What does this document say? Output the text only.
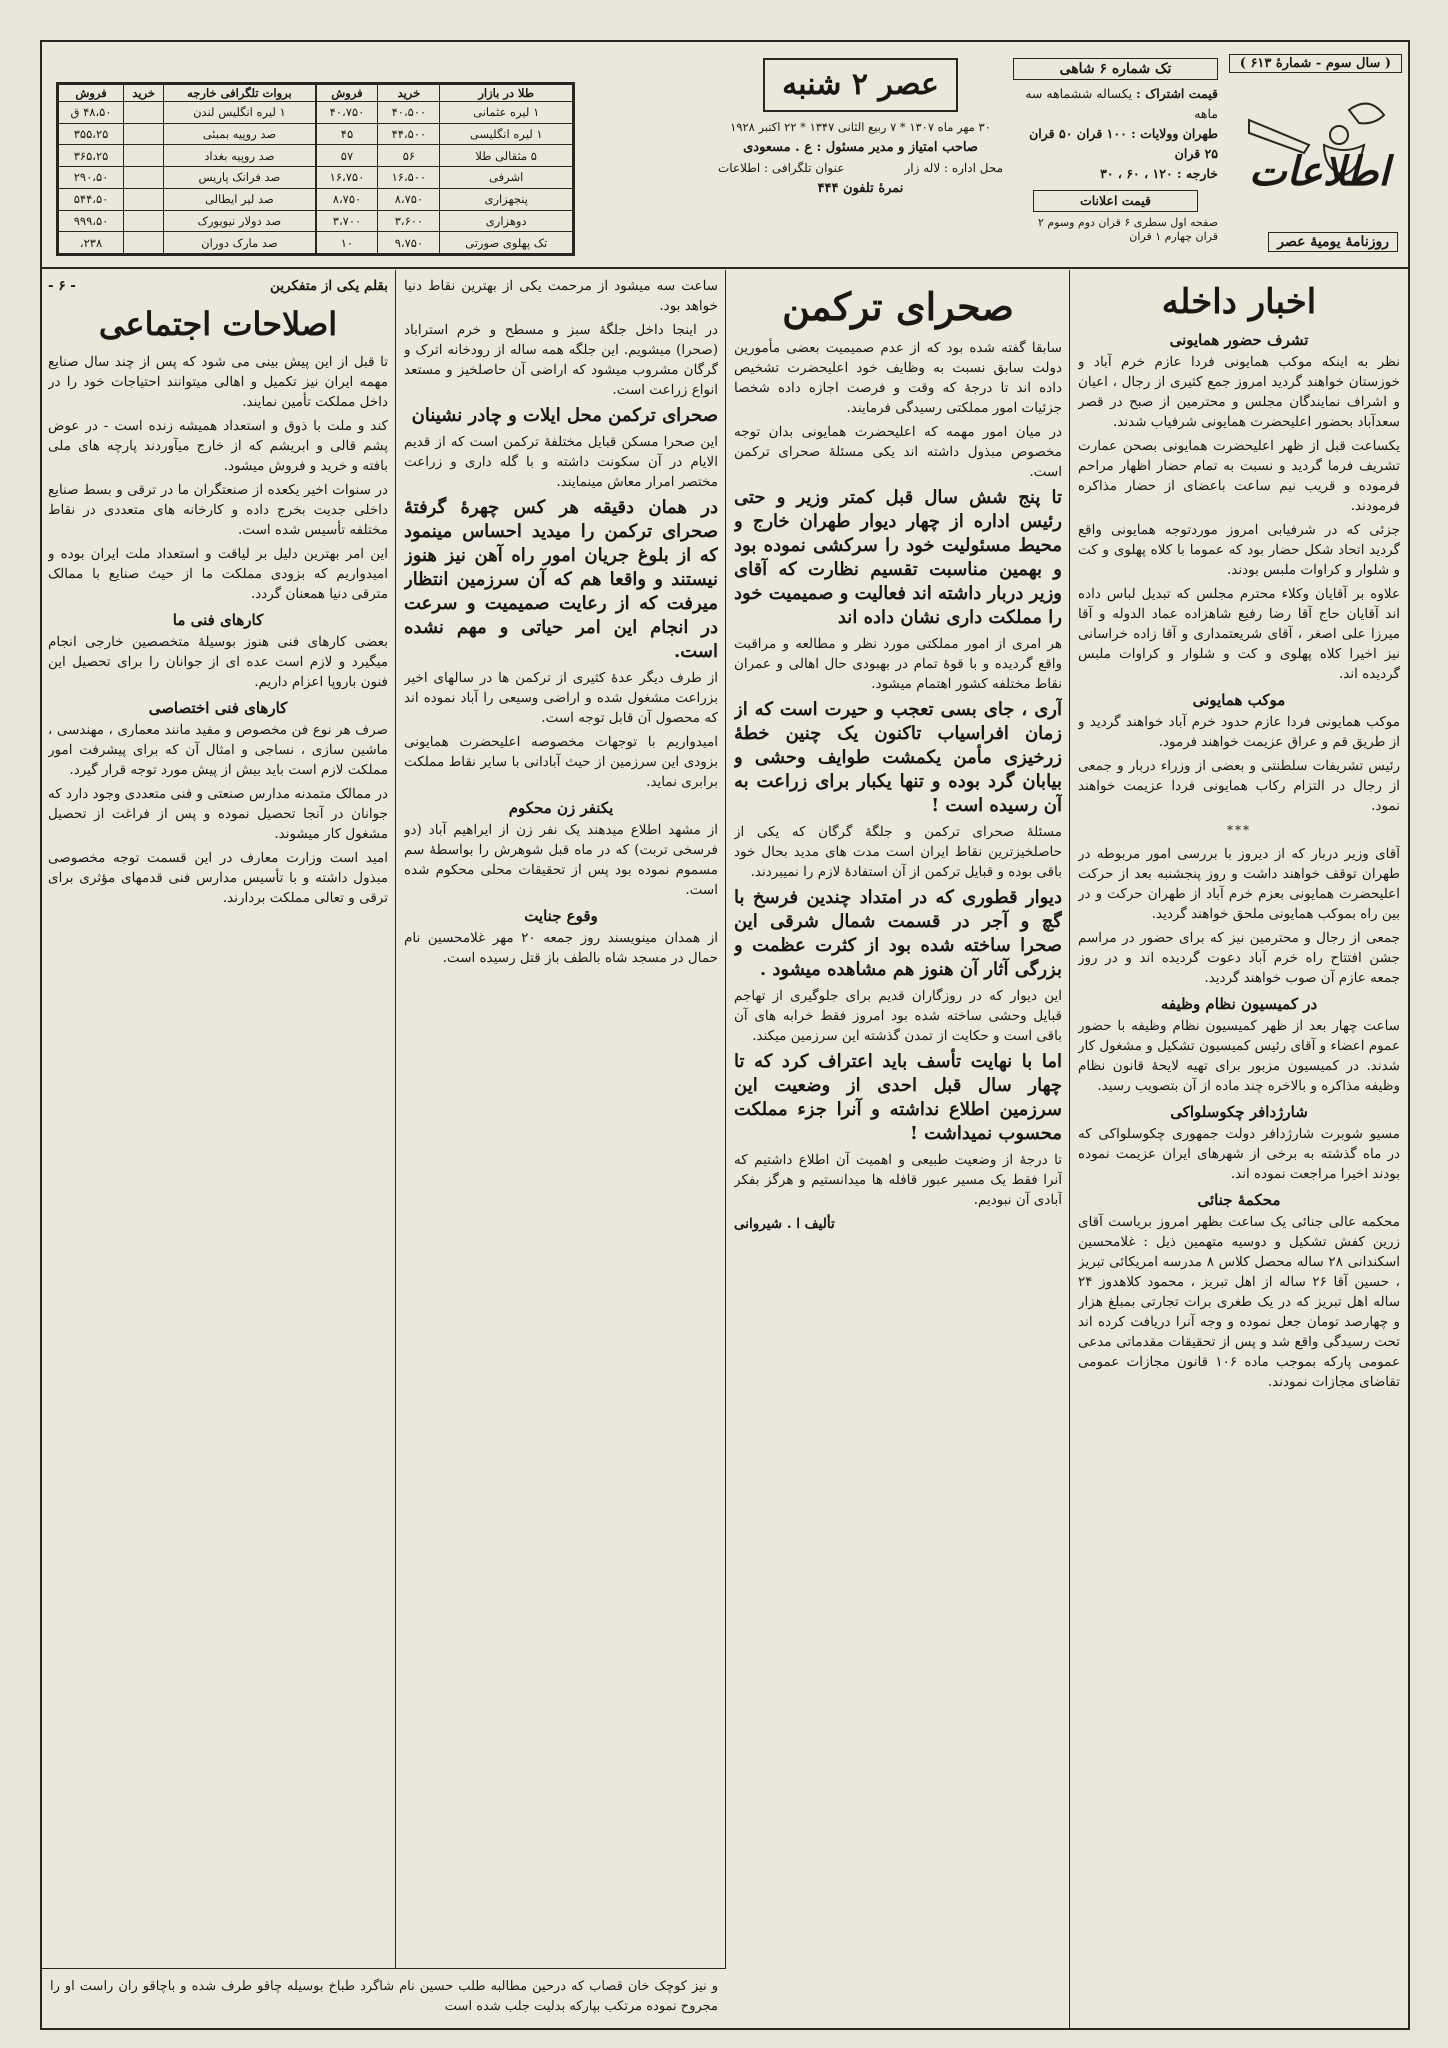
( سال سوم - شمارهٔ ۶۱۳ )
اطلاعات
روزنامهٔ یومیهٔ عصر
تک شماره ۶ شاهی
قیمت اشتراک : یکساله ششماهه سه ماهه
طهران وولایات : ۱۰۰ قران ۵۰ قران ۲۵ قران
خارجه : ۱۲۰ ، ۶۰ ، ۳۰
قیمت اعلانات
صفحه اول سطری ۶ قران دوم وسوم ۲ قران چهارم ۱ قران
عصر ۲ شنبه
۳۰ مهر ماه ۱۳۰۷ * ۷ ربیع الثانی ۱۳۴۷ * ۲۲ اکتبر ۱۹۲۸
صاحب امتیاز و مدیر مسئول : ع . مسعودی
محل اداره : لاله زار
عنوان تلگرافی : اطلاعات
نمرهٔ تلفون ۴۴۴
طلا در بازار	خرید	فروش
۱ لیره عثمانی	۴۰،۵۰۰	۴۰،۷۵۰
۱ لیره انگلیسی	۴۴،۵۰۰	۴۵
۵ مثقالی طلا	۵۶	۵۷
اشرفی	۱۶،۵۰۰	۱۶،۷۵۰
پنجهزاری	۸،۷۵۰	۸،۷۵۰
دوهزاری	۳،۶۰۰	۳،۷۰۰
تک پهلوی صورتی	۹،۷۵۰	۱۰
بروات تلگرافی خارجه	خرید	فروش
۱ لیره انگلیس لندن		۴۸،۵۰ ق
صد روپیه بمبئی		۳۵۵،۲۵
صد روپیه بغداد		۳۶۵،۲۵
صد فرانک پاریس		۲۹۰،۵۰
صد لیر ایطالی		۵۴۴،۵۰
صد دولار نیویورک		۹۹۹،۵۰
صد مارک دوران		۲۳۸،
اخبار داخله
تشرف حضور همایونی

نظر به اینکه موکب همایونی فردا عازم خرم آباد و خوزستان خواهند گردید امروز جمع کثیری از رجال ، اعیان و اشراف نمایندگان مجلس و محترمین از صبح در قصر سعدآباد بحضور اعلیحضرت همایونی شرفیاب شدند.

یکساعت قبل از ظهر اعلیحضرت همایونی بصحن عمارت تشریف فرما گردید و نسبت به تمام حضار اظهار مراحم فرموده و قریب نیم ساعت باعضای از حضار مذاکره فرمودند.

جزئی که در شرفیابی امروز موردتوجه همایونی واقع گردید اتحاد شکل حضار بود که عموما با کلاه پهلوی و کت و شلوار و کراوات ملبس بودند.

علاوه بر آقایان وکلاء محترم مجلس که تبدیل لباس داده اند آقایان حاج آقا رضا رفیع شاهزاده عماد الدوله و آقا میرزا علی اصغر ، آقای شریعتمداری و آقا زاده خراسانی نیز اخیرا کلاه پهلوی و کت و شلوار و کراوات ملبس گردیده اند.

موکب همایونی

موکب همایونی فردا عازم حدود خرم آباد خواهند گردید و از طریق قم و عراق عزیمت خواهند فرمود.

رئیس تشریفات سلطنتی و بعضی از وزراء دربار و جمعی از رجال در التزام رکاب همایونی فردا عزیمت خواهند نمود.

***

آقای وزیر دربار که از دیروز با بررسی امور مربوطه در طهران توقف خواهند داشت و روز پنجشنبه بعد از حرکت اعلیحضرت همایونی بعزم خرم آباد از طهران حرکت و در بین راه بموکب همایونی ملحق خواهند گردید.

جمعی از رجال و محترمین نیز که برای حضور در مراسم جشن افتتاح راه خرم آباد دعوت گردیده اند و در روز جمعه عازم آن صوب خواهند گردید.

در کمیسیون نظام وظیفه

ساعت چهار بعد از ظهر کمیسیون نظام وظیفه با حضور عموم اعضاء و آقای رئیس کمیسیون تشکیل و مشغول کار شدند. در کمیسیون مزبور برای تهیه لایحهٔ قانون نظام وظیفه مذاکره و بالاخره چند ماده از آن بتصویب رسید.

شارژدافر چکوسلواکی

مسیو شوبرت شارژدافر دولت جمهوری چکوسلواکی که در ماه گذشته به برخی از شهرهای ایران عزیمت نموده بودند اخیرا مراجعت نموده اند.

محکمهٔ جنائی

محکمه عالی جنائی یک ساعت بظهر امروز بریاست آقای زرین کفش تشکیل و دوسیه متهمین ذیل : غلامحسین اسکندانی ۲۸ ساله محصل کلاس ۸ مدرسه امریکائی تبریز ، حسین آقا ۲۶ ساله از اهل تبریز ، محمود کلاهدوز ۲۴ ساله اهل تبریز که در یک طغری برات تجارتی بمبلغ هزار و چهارصد تومان جعل نموده و وجه آنرا دریافت کرده اند تحت رسیدگی واقع شد و پس از تحقیقات مقدماتی مدعی عمومی پارکه بموجب ماده ۱۰۶ قانون مجازات عمومی تقاضای مجازات نمودند.

صحرای ترکمن

سابقا گفته شده بود که از عدم صمیمیت بعضی مأمورین دولت سابق نسبت به وظایف خود اعلیحضرت تشخیص داده اند تا درجهٔ که وقت و فرصت اجازه داده شخصا جزئیات امور مملکتی رسیدگی فرمایند.

در میان امور مهمه که اعلیحضرت همایونی بدان توجه مخصوص مبذول داشته اند یکی مسئلهٔ صحرای ترکمن است.

تا پنج شش سال قبل کمتر وزیر و حتی رئیس اداره از چهار دیوار طهران خارج و محیط مسئولیت خود را سرکشی نموده بود و بهمین مناسبت تقسیم نظارت که آقای وزیر دربار داشته اند فعالیت و صمیمیت خود را مملکت داری نشان داده اند

هر امری از امور مملکتی مورد نظر و مطالعه و مراقبت واقع گردیده و با قوهٔ تمام در بهبودی حال اهالی و عمران نقاط مختلفه کشور اهتمام میشود.

آری ، جای بسی تعجب و حیرت است که از زمان افراسیاب تاکنون یک چنین خطهٔ زرخیزی مأمن یکمشت طوایف وحشی و بیابان گرد بوده و تنها یکبار برای زراعت به آن رسیده است !

مسئلهٔ صحرای ترکمن و جلگهٔ گرگان که یکی از حاصلخیزترین نقاط ایران است مدت های مدید بحال خود باقی بوده و قبایل ترکمن از آن استفادهٔ لازم را نمیبردند.

دیوار قطوری که در امتداد چندین فرسخ با گچ و آجر در قسمت شمال شرقی این صحرا ساخته شده بود از کثرت عظمت و بزرگی آثار آن هنوز هم مشاهده میشود .

این دیوار که در روزگاران قدیم برای جلوگیری از تهاجم قبایل وحشی ساخته شده بود امروز فقط خرابه های آن باقی است و حکایت از تمدن گذشته این سرزمین میکند.

اما با نهایت تأسف باید اعتراف کرد که تا چهار سال قبل احدی از وضعیت این سرزمین اطلاع نداشته و آنرا جزء مملکت محسوب نمیداشت !

تا درجهٔ از وضعیت طبیعی و اهمیت آن اطلاع داشتیم که آنرا فقط یک مسیر عبور قافله ها میدانستیم و هرگز بفکر آبادی آن نبودیم.

تألیف ا . شیروانی

ساعت سه میشود از مرحمت یکی از بهترین نقاط دنیا خواهد بود.

در اینجا داخل جلگهٔ سبز و مسطح و خرم استراباد (صحرا) میشویم. این جلگه همه ساله از رودخانه اترک و گرگان مشروب میشود که اراضی آن حاصلخیز و مستعد انواع زراعت است.

صحرای ترکمن محل ایلات و چادر نشینان

این صحرا مسکن قبایل مختلفهٔ ترکمن است که از قدیم الایام در آن سکونت داشته و با گله داری و زراعت مختصر امرار معاش مینمایند.

در همان دقیقه هر کس چهرهٔ گرفتهٔ صحرای ترکمن را میدید احساس مینمود که از بلوغ جریان امور راه آهن نیز هنوز نیستند و واقعا هم که آن سرزمین انتظار میرفت که از رعایت صمیمیت و سرعت در انجام این امر حیاتی و مهم نشده است.

از طرف دیگر عدهٔ کثیری از ترکمن ها در سالهای اخیر بزراعت مشغول شده و اراضی وسیعی را آباد نموده اند که محصول آن قابل توجه است.

امیدواریم با توجهات مخصوصه اعلیحضرت همایونی بزودی این سرزمین از حیث آبادانی با سایر نقاط مملکت برابری نماید.

یکنفر زن محکوم

از مشهد اطلاع میدهند یک نفر زن از ایراهیم آباد (دو فرسخی تربت) که در ماه قبل شوهرش را بواسطهٔ سم مسموم نموده بود پس از تحقیقات محلی محکوم شده است.

وقوع جنایت

از همدان مینویسند روز جمعه ۲۰ مهر غلامحسین نام حمال در مسجد شاه بالطف باز قتل رسیده است.

بقلم یکی از متفکرین
- ۶ -
اصلاحات اجتماعی

تا قبل از این پیش بینی می شود که پس از چند سال صنایع مهمه ایران نیز تکمیل و اهالی میتوانند احتیاجات خود را در داخل مملکت تأمین نمایند.

کند و ملت با ذوق و استعداد همیشه زنده است - در عوض پشم قالی و ابریشم که از خارج میآوردند پارچه های ملی بافته و خرید و فروش میشود.

در سنوات اخیر یکعده از صنعتگران ما در ترقی و بسط صنایع داخلی جدیت بخرج داده و کارخانه های متعددی در نقاط مختلفه تأسیس شده است.

این امر بهترین دلیل بر لیاقت و استعداد ملت ایران بوده و امیدواریم که بزودی مملکت ما از حیث صنایع با ممالک مترقی دنیا همعنان گردد.

کارهای فنی ما

بعضی کارهای فنی هنوز بوسیلهٔ متخصصین خارجی انجام میگیرد و لازم است عده ای از جوانان را برای تحصیل این فنون باروپا اعزام داریم.

کارهای فنی اختصاصی

صرف هر نوع فن مخصوص و مفید مانند معماری ، مهندسی ، ماشین سازی ، نساجی و امثال آن که برای پیشرفت امور مملکت لازم است باید بیش از پیش مورد توجه قرار گیرد.

در ممالک متمدنه مدارس صنعتی و فنی متعددی وجود دارد که جوانان در آنجا تحصیل نموده و پس از فراغت از تحصیل مشغول کار میشوند.

امید است وزارت معارف در این قسمت توجه مخصوصی مبذول داشته و با تأسیس مدارس فنی قدمهای مؤثری برای ترقی و تعالی مملکت بردارند.

و نیز کوچک خان قصاب که درحین مطالبه طلب حسین نام شاگرد طباخ بوسیله چاقو طرف شده و باچاقو ران راست او را مجروح نموده مرتکب بپارکه بدلیت جلب شده است
